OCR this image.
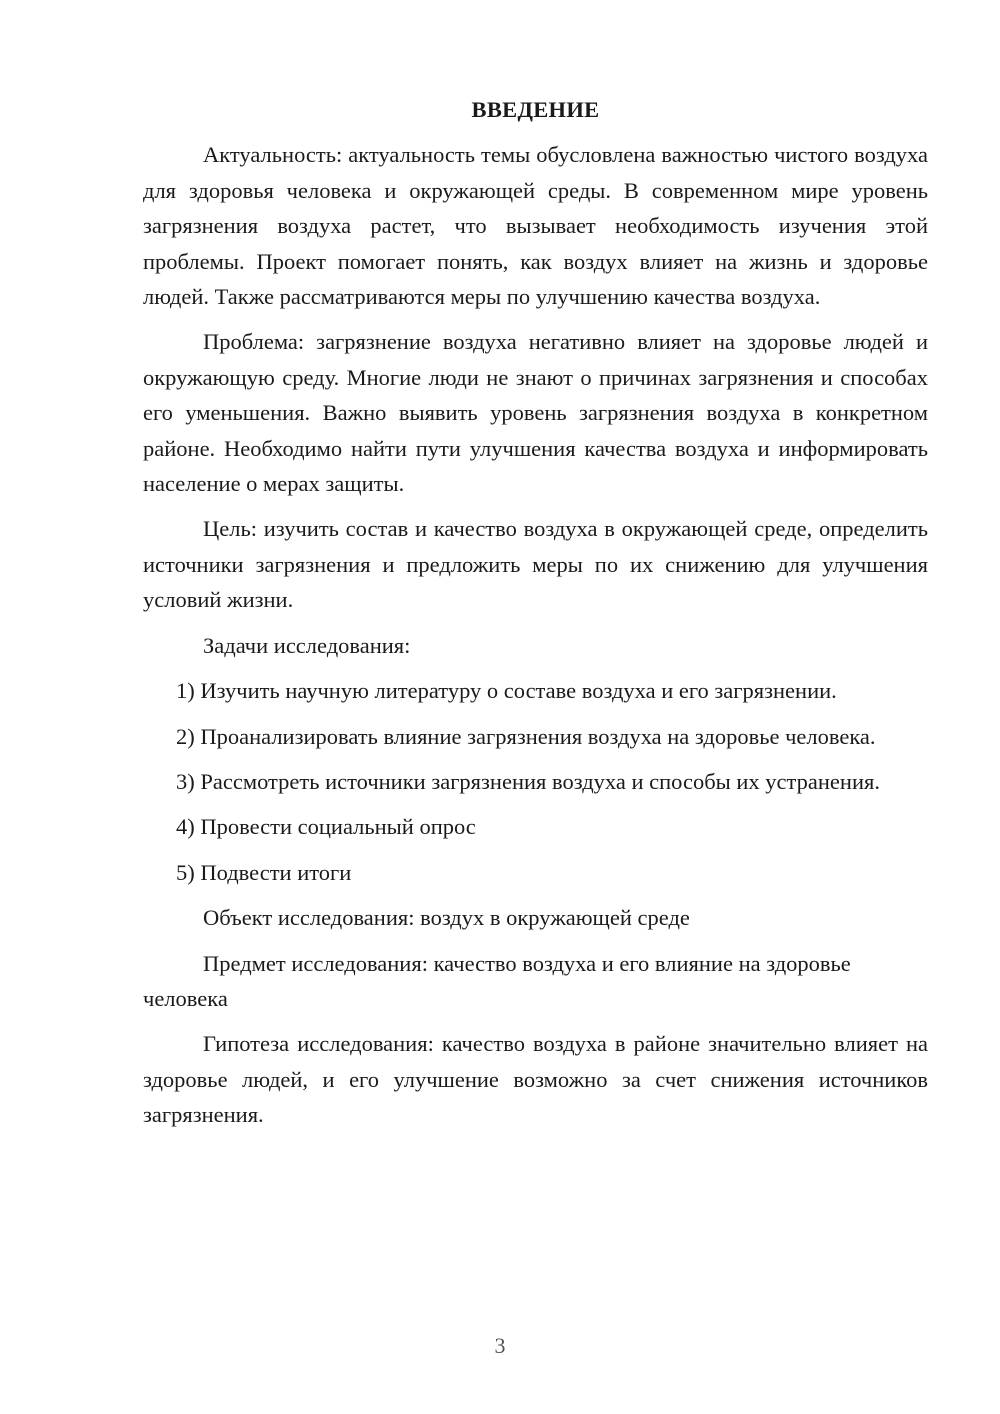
ВВЕДЕНИЕ

Актуальность: актуальность темы обусловлена важностью чистого воздуха для здоровья человека и окружающей среды. В современном мире уровень загрязнения воздуха растет, что вызывает необходимость изучения этой проблемы. Проект помогает понять, как воздух влияет на жизнь и здоровье людей. Также рассматриваются меры по улучшению качества воздуха.

Проблема: загрязнение воздуха негативно влияет на здоровье людей и окружающую среду. Многие люди не знают о причинах загрязнения и способах его уменьшения. Важно выявить уровень загрязнения воздуха в конкретном районе. Необходимо найти пути улучшения качества воздуха и информировать население о мерах защиты.

Цель: изучить состав и качество воздуха в окружающей среде, определить источники загрязнения и предложить меры по их снижению для улучшения условий жизни.

Задачи исследования:

1) Изучить научную литературу о составе воздуха и его загрязнении.

2) Проанализировать влияние загрязнения воздуха на здоровье человека.

3) Рассмотреть источники загрязнения воздуха и способы их устранения.

4) Провести социальный опрос

5) Подвести итоги

Объект исследования: воздух в окружающей среде

Предмет исследования: качество воздуха и его влияние на здоровье человека

Гипотеза исследования: качество воздуха в районе значительно влияет на здоровье людей, и его улучшение возможно за счет снижения источников загрязнения.

3
